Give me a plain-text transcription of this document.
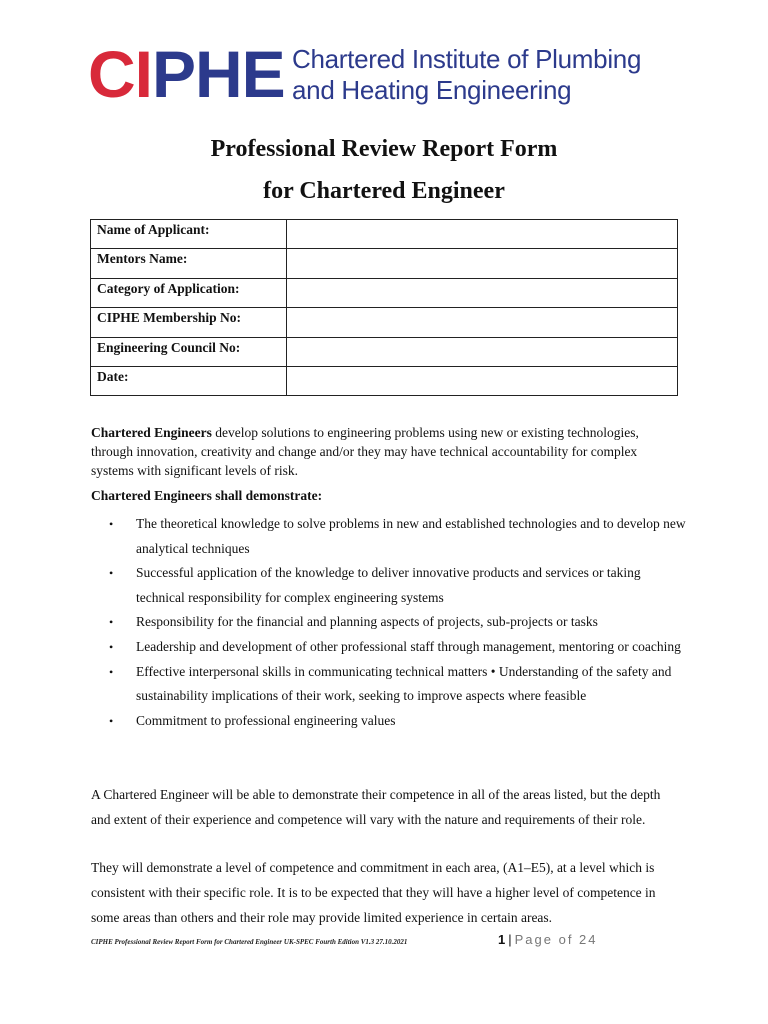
CIPHE Chartered Institute of Plumbing
and Heating Engineering
Professional Review Report Form
for Chartered Engineer
Name of Applicant:	
Mentors Name:	
Category of Application:	
CIPHE Membership No:	
Engineering Council No:	
Date:	

Chartered Engineers develop solutions to engineering problems using new or existing technologies, through innovation, creativity and change and/or they may have technical accountability for complex systems with significant levels of risk.

Chartered Engineers shall demonstrate:

• The theoretical knowledge to solve problems in new and established technologies and to develop new analytical techniques
• Successful application of the knowledge to deliver innovative products and services or taking technical responsibility for complex engineering systems
• Responsibility for the financial and planning aspects of projects, sub-projects or tasks
• Leadership and development of other professional staff through management, mentoring or coaching
• Effective interpersonal skills in communicating technical matters • Understanding of the safety and sustainability implications of their work, seeking to improve aspects where feasible
• Commitment to professional engineering values

A Chartered Engineer will be able to demonstrate their competence in all of the areas listed, but the depth and extent of their experience and competence will vary with the nature and requirements of their role.

They will demonstrate a level of competence and commitment in each area, (A1–E5), at a level which is consistent with their specific role. It is to be expected that they will have a higher level of competence in some areas than others and their role may provide limited experience in certain areas.

CIPHE Professional Review Report Form for Chartered Engineer UK-SPEC Fourth Edition V1.3 27.10.2021	1 | Page of 24
